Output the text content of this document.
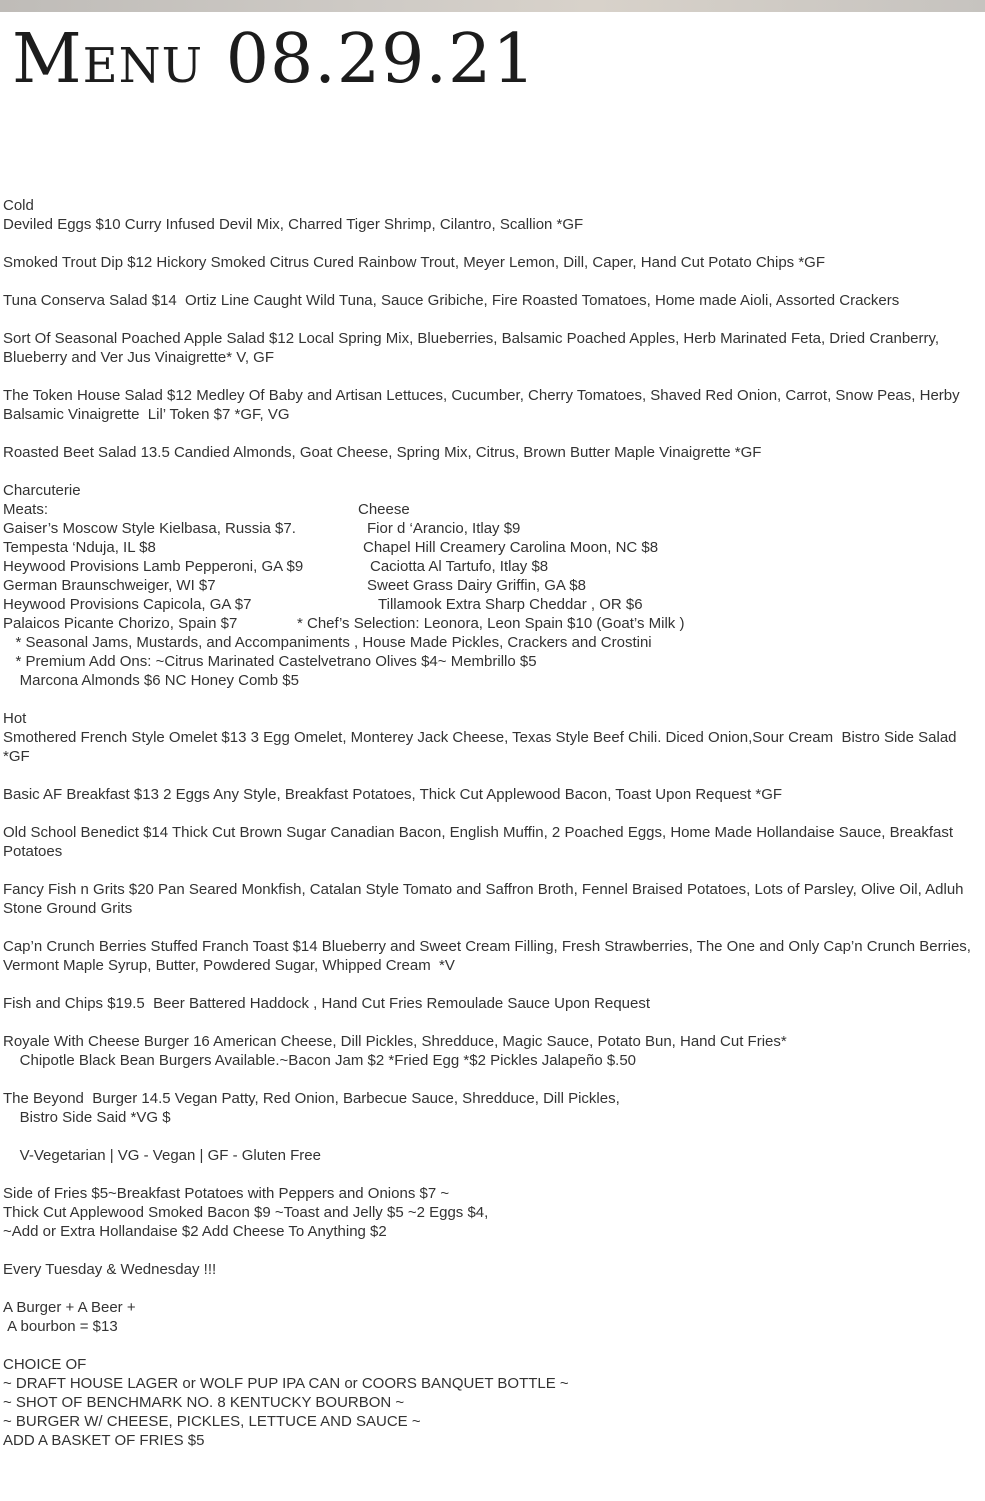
Menu 08.29.21
Cold
Deviled Eggs $10 Curry Infused Devil Mix, Charred Tiger Shrimp, Cilantro, Scallion *GF
Smoked Trout Dip $12 Hickory Smoked Citrus Cured Rainbow Trout, Meyer Lemon, Dill, Caper, Hand Cut Potato Chips *GF
Tuna Conserva Salad $14  Ortiz Line Caught Wild Tuna, Sauce Gribiche, Fire Roasted Tomatoes, Home made Aioli, Assorted Crackers
Sort Of Seasonal Poached Apple Salad $12 Local Spring Mix, Blueberries, Balsamic Poached Apples, Herb Marinated Feta, Dried Cranberry, Blueberry and Ver Jus Vinaigrette* V, GF
The Token House Salad $12 Medley Of Baby and Artisan Lettuces, Cucumber, Cherry Tomatoes, Shaved Red Onion, Carrot, Snow Peas, Herby Balsamic Vinaigrette  Lil’ Token $7 *GF, VG
Roasted Beet Salad 13.5 Candied Almonds, Goat Cheese, Spring Mix, Citrus, Brown Butter Maple Vinaigrette *GF
Charcuterie
Meats:	Cheese
Gaiser’s Moscow Style Kielbasa, Russia $7.	Fior d ‘Arancio, Itlay $9
Tempesta ‘Nduja, IL $8	Chapel Hill Creamery Carolina Moon, NC $8
Heywood Provisions Lamb Pepperoni, GA $9	Caciotta Al Tartufo, Itlay $8
German Braunschweiger, WI $7	Sweet Grass Dairy Griffin, GA $8
Heywood Provisions Capicola, GA $7	Tillamook Extra Sharp Cheddar , OR $6
Palaicos Picante Chorizo, Spain $7	* Chef’s Selection: Leonora, Leon Spain $10 (Goat’s Milk )
* Seasonal Jams, Mustards, and Accompaniments , House Made Pickles, Crackers and Crostini
* Premium Add Ons: ~Citrus Marinated Castelvetrano Olives $4~ Membrillo $5
Marcona Almonds $6 NC Honey Comb $5
Hot
Smothered French Style Omelet $13 3 Egg Omelet, Monterey Jack Cheese, Texas Style Beef Chili. Diced Onion,Sour Cream  Bistro Side Salad  *GF
Basic AF Breakfast $13 2 Eggs Any Style, Breakfast Potatoes, Thick Cut Applewood Bacon, Toast Upon Request *GF
Old School Benedict $14 Thick Cut Brown Sugar Canadian Bacon, English Muffin, 2 Poached Eggs, Home Made Hollandaise Sauce, Breakfast Potatoes
Fancy Fish n Grits $20 Pan Seared Monkfish, Catalan Style Tomato and Saffron Broth, Fennel Braised Potatoes, Lots of Parsley, Olive Oil, Adluh Stone Ground Grits
Cap’n Crunch Berries Stuffed Franch Toast $14 Blueberry and Sweet Cream Filling, Fresh Strawberries, The One and Only Cap’n Crunch Berries, Vermont Maple Syrup, Butter, Powdered Sugar, Whipped Cream  *V
Fish and Chips $19.5  Beer Battered Haddock , Hand Cut Fries Remoulade Sauce Upon Request
Royale With Cheese Burger 16 American Cheese, Dill Pickles, Shredduce, Magic Sauce, Potato Bun, Hand Cut Fries*
Chipotle Black Bean Burgers Available.~Bacon Jam $2 *Fried Egg *$2 Pickles Jalapeño $.50
The Beyond  Burger 14.5 Vegan Patty, Red Onion, Barbecue Sauce, Shredduce, Dill Pickles,
Bistro Side Said *VG $
V-Vegetarian | VG - Vegan | GF - Gluten Free
Side of Fries $5~Breakfast Potatoes with Peppers and Onions $7 ~
Thick Cut Applewood Smoked Bacon $9 ~Toast and Jelly $5 ~2 Eggs $4,
~Add or Extra Hollandaise $2 Add Cheese To Anything $2
Every Tuesday & Wednesday !!!
A Burger + A Beer +
A bourbon = $13
CHOICE OF
~ DRAFT HOUSE LAGER or WOLF PUP IPA CAN or COORS BANQUET BOTTLE ~
~ SHOT OF BENCHMARK NO. 8 KENTUCKY BOURBON ~
~ BURGER W/ CHEESE, PICKLES, LETTUCE AND SAUCE ~
ADD A BASKET OF FRIES $5
